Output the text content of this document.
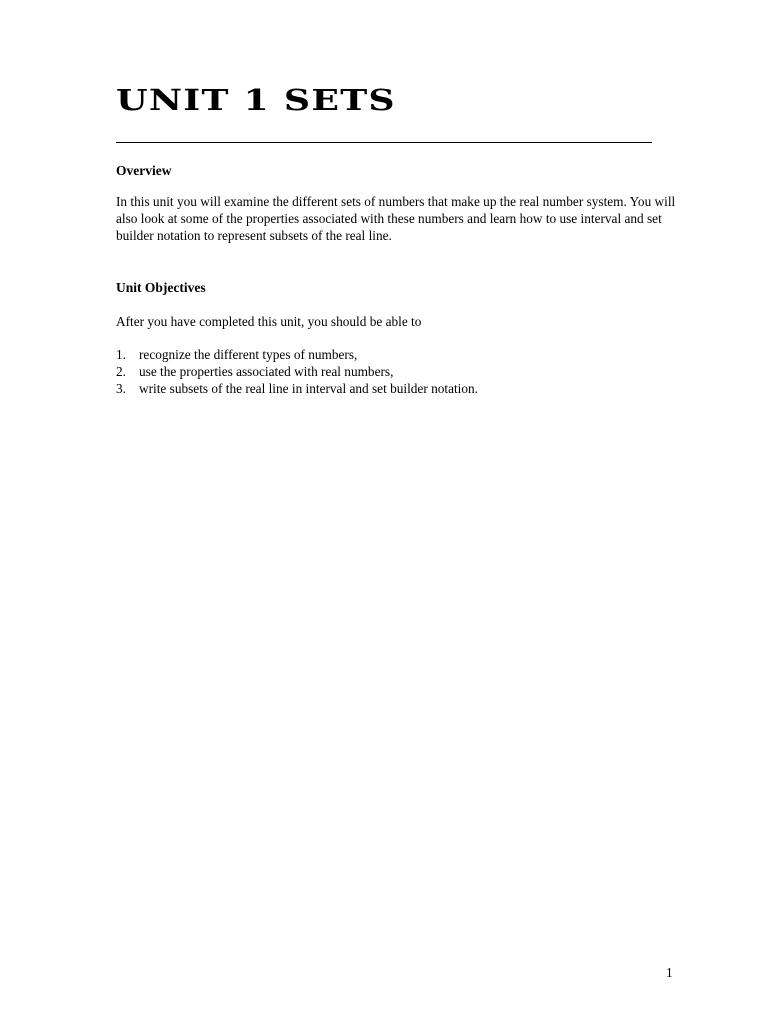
UNIT 1 SETS
Overview

In this unit you will examine the different sets of numbers that make up the real number system. You will also look at some of the properties associated with these numbers and learn how to use interval and set builder notation to represent subsets of the real line.

Unit Objectives

After you have completed this unit, you should be able to

1. recognize the different types of numbers,
2. use the properties associated with real numbers,
3. write subsets of the real line in interval and set builder notation.
1
